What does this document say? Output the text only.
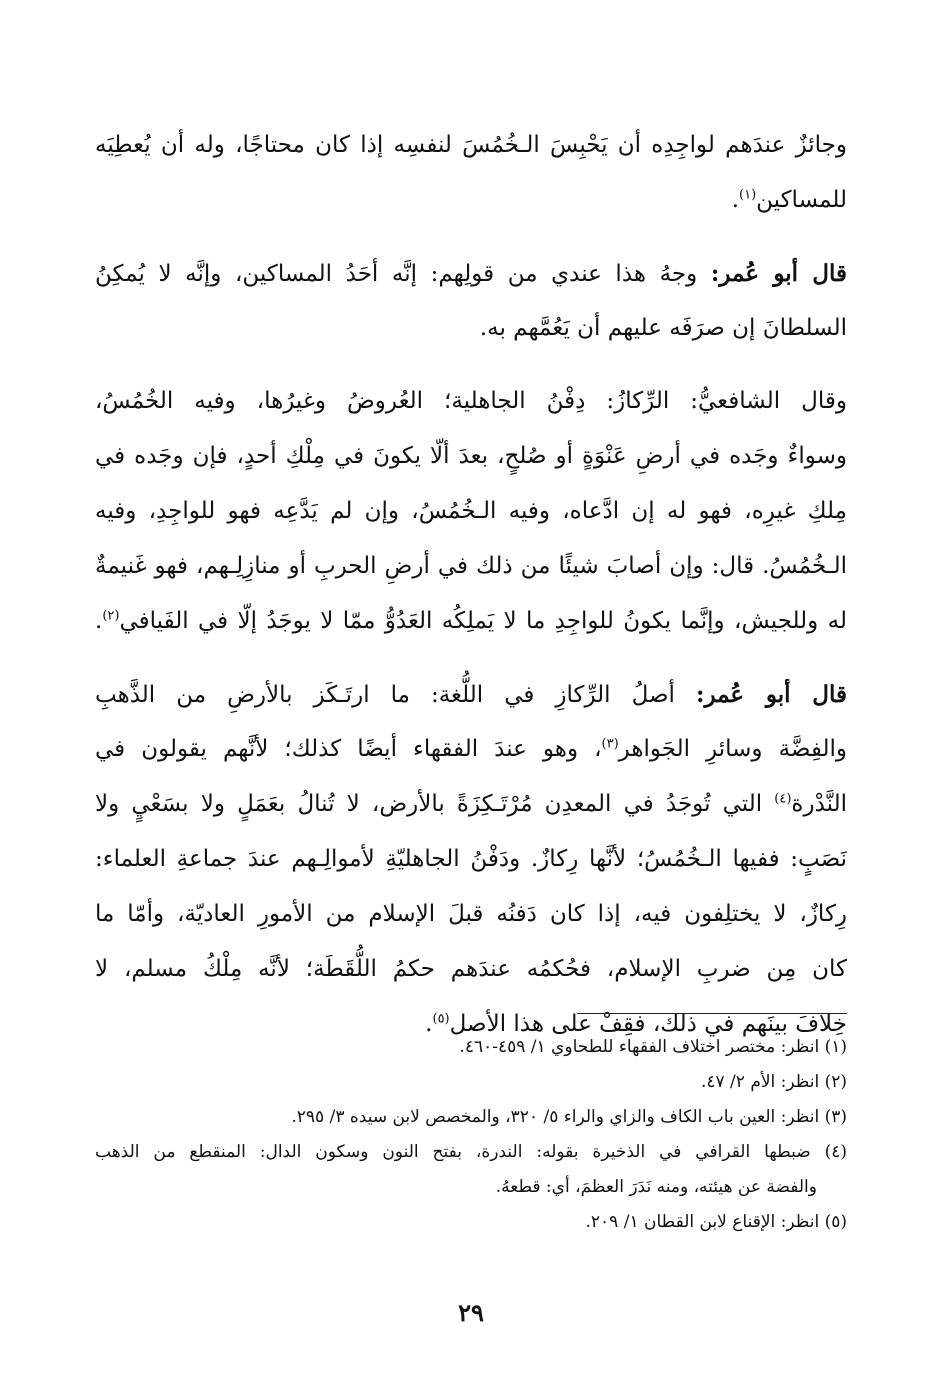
وجائزٌ عندَهم لواجِدِه أن يَحْبِسَ الـخُمُسَ لنفسِه إذا كان محتاجًا، وله أن يُعطِيَه
للمساكين$^{(١)}$.
قال أبو عُمر: وجهُ هذا عندي من قولِهم: إنَّه أحَدُ المساكين، وإنَّه لا يُمكِنُ
السلطانَ إن صرَفَه عليهم أن يَعُمَّهم به.
وقال الشافعيُّ: الرِّكازُ: دِفْنُ الجاهلية؛ العُروضُ وغيرُها، وفيه الخُمُسُ،
وسواءٌ وجَده في أرضِ عَنْوَةٍ أو صُلحٍ، بعدَ ألّا يكونَ في مِلْكِ أحدٍ، فإن وجَده في
مِلكِ غيرِه، فهو له إن ادَّعاه، وفيه الـخُمُسُ، وإن لم يَدَّعِه فهو للواجِدِ، وفيه
الـخُمُسُ. قال: وإن أصابَ شيئًا من ذلك في أرضِ الحربِ أو منازِلِـهم، فهو غَنيمةٌ
له وللجيش، وإنَّما يكونُ للواجِدِ ما لا يَملِكُه العَدُوُّ ممّا لا يوجَدُ إلّا في الفَيافي$^{(٢)}$.
قال أبو عُمر: أصلُ الرِّكازِ في اللُّغة: ما ارتَـكَز بالأرضِ من الذَّهبِ
والفِضَّة وسائرِ الجَواهر$^{(٣)}$، وهو عندَ الفقهاء أيضًا كذلك؛ لأنَّهم يقولون في
النَّدْرة$^{(٤)}$ التي تُوجَدُ في المعدِن مُرْتَـكِزَةً بالأرض، لا تُنالُ بعَمَلٍ ولا بسَعْيٍ ولا
نَصَبٍ: ففيها الـخُمُسُ؛ لأنَّها رِكازٌ. ودَفْنُ الجاهليّةِ لأموالِـهم عندَ جماعةِ العلماء:
رِكازٌ، لا يختلِفون فيه، إذا كان دَفنُه قبلَ الإسلام من الأمورِ العاديّة، وأمّا ما
كان مِن ضربِ الإسلام، فحُكمُه عندَهم حكمُ اللُّقَطَة؛ لأنَّه مِلْكُ مسلم، لا
خِلافَ بينَهم في ذلك، فقِفْ على هذا الأصل$^{(٥)}$.
(١) انظر: مختصر اختلاف الفقهاء للطحاوي ١/ ٤٥٩-٤٦٠.
(٢) انظر: الأم ٢/ ٤٧.
(٣) انظر: العين باب الكاف والزاي والراء ٥/ ٣٢٠، والمخصص لابن سيده ٣/ ٢٩٥.
(٤) ضبطها القرافي في الذخيرة بقوله: الندرة، بفتح النون وسكون الدال: المنقطع من الذهب
والفضة عن هيئته، ومنه نَدَرَ العظمَ، أي: قطعهُ.
(٥) انظر: الإقناع لابن القطان ١/ ٢٠٩.
٢٩
